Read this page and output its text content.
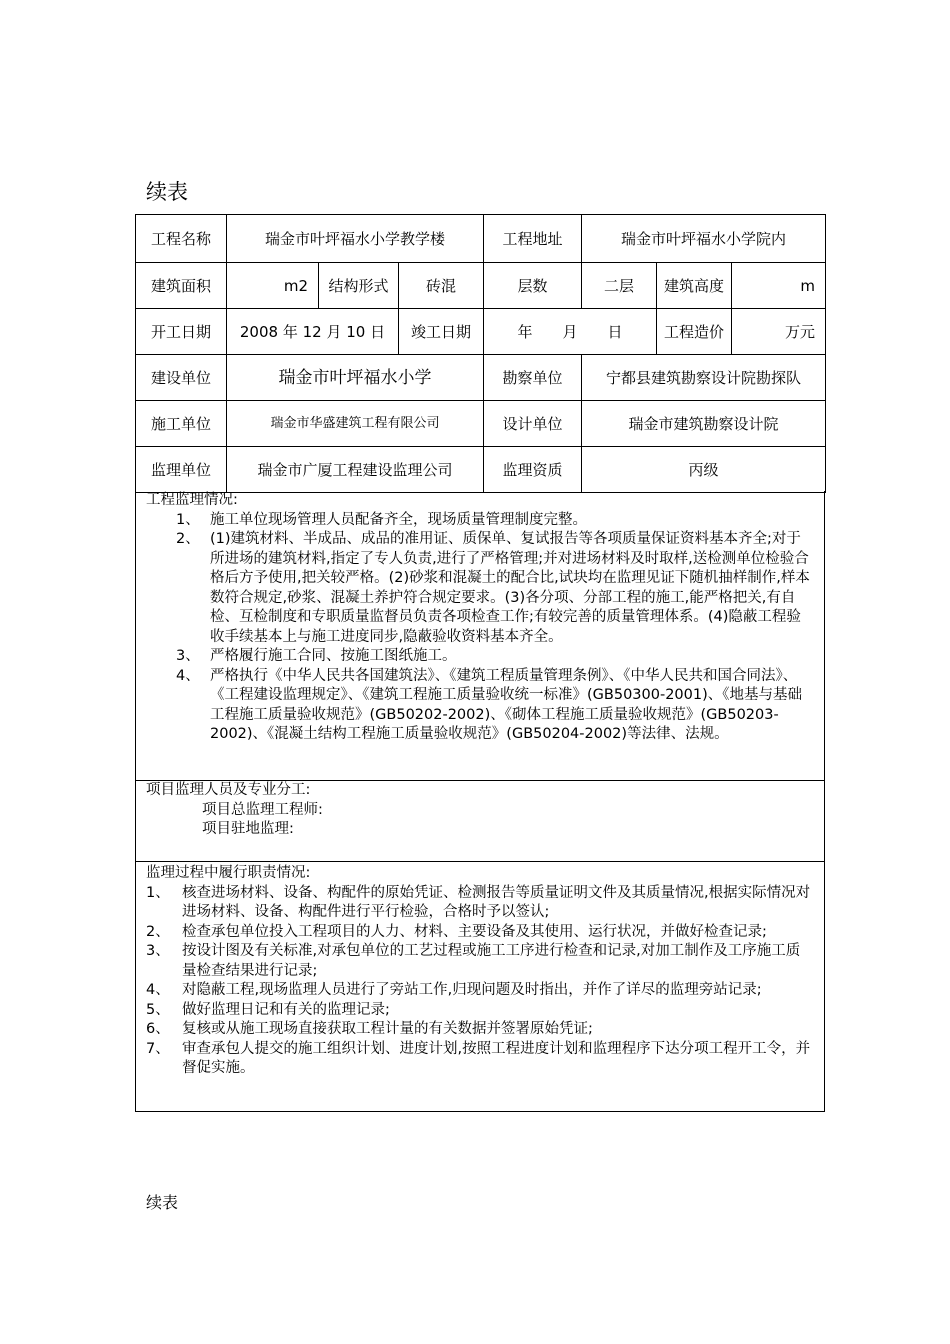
续表
工程名称	瑞金市叶坪福水小学教学楼			工程地址	瑞金市叶坪福水小学院内		
建筑面积	m2	结构形式	砖混	层数	二层	建筑高度	m
开工日期	2008 年 12 月 10 日		竣工日期	年　　月　　日		工程造价	万元
建设单位	瑞金市叶坪福水小学			勘察单位	宁都县建筑勘察设计院勘探队		
施工单位	瑞金市华盛建筑工程有限公司			设计单位	瑞金市建筑勘察设计院		
监理单位	瑞金市广厦工程建设监理公司			监理资质	丙级		
工程监理情况:
1、 施工单位现场管理人员配备齐全，现场质量管理制度完整。
2、 (1)建筑材料、半成品、成品的准用证、质保单、复试报告等各项质量保证资料基本齐全;对于所进场的建筑材料,指定了专人负责,进行了严格管理;并对进场材料及时取样,送检测单位检验合格后方予使用,把关较严格。(2)砂浆和混凝土的配合比,试块均在监理见证下随机抽样制作,样本数符合规定,砂浆、混凝土养护符合规定要求。(3)各分项、分部工程的施工,能严格把关,有自检、互检制度和专职质量监督员负责各项检查工作;有较完善的质量管理体系。(4)隐蔽工程验收手续基本上与施工进度同步,隐蔽验收资料基本齐全。
3、 严格履行施工合同、按施工图纸施工。
4、 严格执行《中华人民共各国建筑法》、《建筑工程质量管理条例》、《中华人民共和国合同法》、《工程建设监理规定》、《建筑工程施工质量验收统一标准》(GB50300-2001)、《地基与基础工程施工质量验收规范》(GB50202-2002)、《砌体工程施工质量验收规范》(GB50203-2002)、《混凝土结构工程施工质量验收规范》(GB50204-2002)等法律、法规。
项目监理人员及专业分工:
项目总监理工程师:
项目驻地监理:
监理过程中履行职责情况:
1、 核查进场材料、设备、构配件的原始凭证、检测报告等质量证明文件及其质量情况,根据实际情况对进场材料、设备、构配件进行平行检验，合格时予以签认;
2、 检查承包单位投入工程项目的人力、材料、主要设备及其使用、运行状况，并做好检查记录;
3、 按设计图及有关标准,对承包单位的工艺过程或施工工序进行检查和记录,对加工制作及工序施工质量检查结果进行记录;
4、 对隐蔽工程,现场监理人员进行了旁站工作,归现问题及时指出，并作了详尽的监理旁站记录;
5、 做好监理日记和有关的监理记录;
6、 复核或从施工现场直接获取工程计量的有关数据并签署原始凭证;
7、 审查承包人提交的施工组织计划、进度计划,按照工程进度计划和监理程序下达分项工程开工令，并督促实施。
续表
